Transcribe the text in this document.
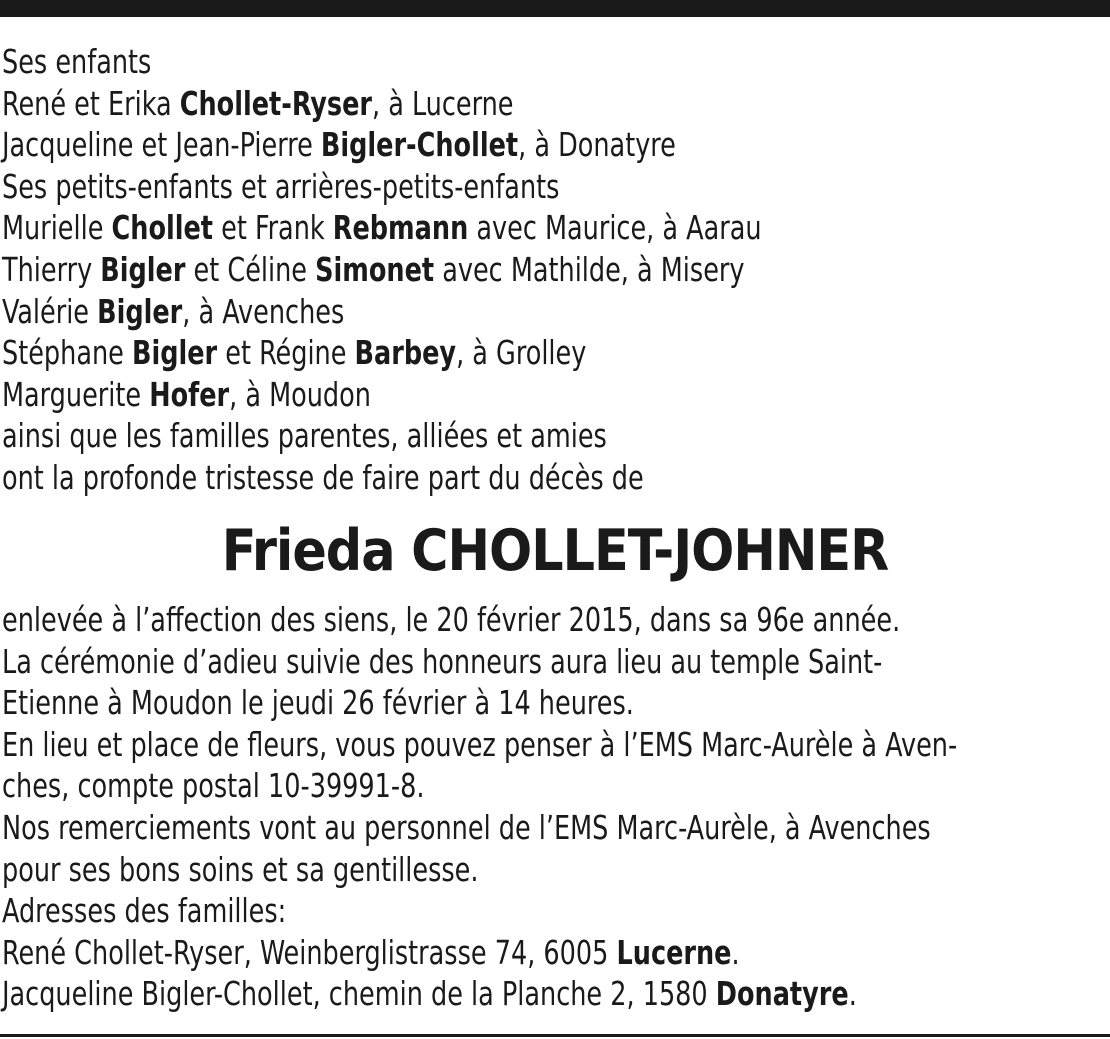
Ses enfants
René et Erika Chollet-Ryser, à Lucerne
Jacqueline et Jean-Pierre Bigler-Chollet, à Donatyre
Ses petits-enfants et arrières-petits-enfants
Murielle Chollet et Frank Rebmann avec Maurice, à Aarau
Thierry Bigler et Céline Simonet avec Mathilde, à Misery
Valérie Bigler, à Avenches
Stéphane Bigler et Régine Barbey, à Grolley
Marguerite Hofer, à Moudon
ainsi que les familles parentes, alliées et amies
ont la profonde tristesse de faire part du décès de
Frieda CHOLLET-JOHNER
enlevée à l’affection des siens, le 20 février 2015, dans sa 96e année.
La cérémonie d’adieu suivie des honneurs aura lieu au temple Saint-
Etienne à Moudon le jeudi 26 février à 14 heures.
En lieu et place de fleurs, vous pouvez penser à l’EMS Marc-Aurèle à Aven-
ches, compte postal 10-39991-8.
Nos remerciements vont au personnel de l’EMS Marc-Aurèle, à Avenches
pour ses bons soins et sa gentillesse.
Adresses des familles:
René Chollet-Ryser, Weinberglistrasse 74, 6005 Lucerne.
Jacqueline Bigler-Chollet, chemin de la Planche 2, 1580 Donatyre.
